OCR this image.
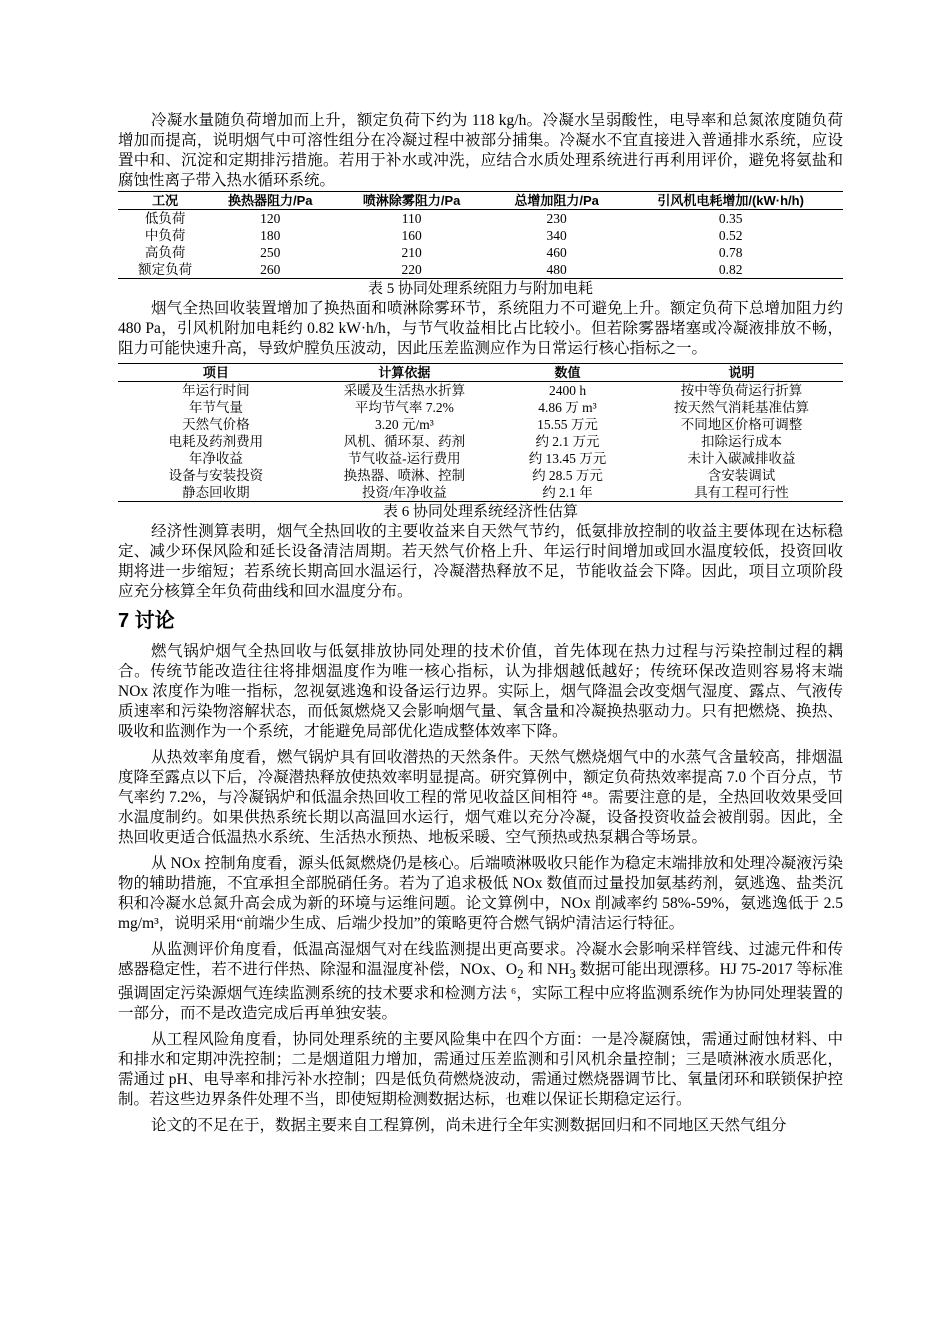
冷凝水量随负荷增加而上升，额定负荷下约为 118 kg/h。冷凝水呈弱酸性，电导率和总氮浓度随负荷增加而提高，说明烟气中可溶性组分在冷凝过程中被部分捕集。冷凝水不宜直接进入普通排水系统，应设置中和、沉淀和定期排污措施。若用于补水或冲洗，应结合水质处理系统进行再利用评价，避免将氨盐和腐蚀性离子带入热水循环系统。

工况	换热器阻力/Pa	喷淋除雾阻力/Pa	总增加阻力/Pa	引风机电耗增加/(kW·h/h)
低负荷	120	110	230	0.35
中负荷	180	160	340	0.52
高负荷	250	210	460	0.78
额定负荷	260	220	480	0.82

表 5 协同处理系统阻力与附加电耗

烟气全热回收装置增加了换热面和喷淋除雾环节，系统阻力不可避免上升。额定负荷下总增加阻力约 480 Pa，引风机附加电耗约 0.82 kW·h/h，与节气收益相比占比较小。但若除雾器堵塞或冷凝液排放不畅，阻力可能快速升高，导致炉膛负压波动，因此压差监测应作为日常运行核心指标之一。

项目	计算依据	数值	说明
年运行时间	采暖及生活热水折算	2400 h	按中等负荷运行折算
年节气量	平均节气率 7.2%	4.86 万 m³	按天然气消耗基准估算
天然气价格	3.20 元/m³	15.55 万元	不同地区价格可调整
电耗及药剂费用	风机、循环泵、药剂	约 2.1 万元	扣除运行成本
年净收益	节气收益-运行费用	约 13.45 万元	未计入碳减排收益
设备与安装投资	换热器、喷淋、控制	约 28.5 万元	含安装调试
静态回收期	投资/年净收益	约 2.1 年	具有工程可行性

表 6 协同处理系统经济性估算

经济性测算表明，烟气全热回收的主要收益来自天然气节约，低氨排放控制的收益主要体现在达标稳定、减少环保风险和延长设备清洁周期。若天然气价格上升、年运行时间增加或回水温度较低，投资回收期将进一步缩短；若系统长期高回水温运行，冷凝潜热释放不足，节能收益会下降。因此，项目立项阶段应充分核算全年负荷曲线和回水温度分布。

7 讨论

燃气锅炉烟气全热回收与低氨排放协同处理的技术价值，首先体现在热力过程与污染控制过程的耦合。传统节能改造往往将排烟温度作为唯一核心指标，认为排烟越低越好；传统环保改造则容易将末端 NOx 浓度作为唯一指标，忽视氨逃逸和设备运行边界。实际上，烟气降温会改变烟气湿度、露点、气液传质速率和污染物溶解状态，而低氮燃烧又会影响烟气量、氧含量和冷凝换热驱动力。只有把燃烧、换热、吸收和监测作为一个系统，才能避免局部优化造成整体效率下降。

从热效率角度看，燃气锅炉具有回收潜热的天然条件。天然气燃烧烟气中的水蒸气含量较高，排烟温度降至露点以下后，冷凝潜热释放使热效率明显提高。研究算例中，额定负荷热效率提高 7.0 个百分点，节气率约 7.2%，与冷凝锅炉和低温余热回收工程的常见收益区间相符 ⁴⁸。需要注意的是，全热回收效果受回水温度制约。如果供热系统长期以高温回水运行，烟气难以充分冷凝，设备投资收益会被削弱。因此，全热回收更适合低温热水系统、生活热水预热、地板采暖、空气预热或热泵耦合等场景。

从 NOx 控制角度看，源头低氮燃烧仍是核心。后端喷淋吸收只能作为稳定末端排放和处理冷凝液污染物的辅助措施，不宜承担全部脱硝任务。若为了追求极低 NOx 数值而过量投加氨基药剂，氨逃逸、盐类沉积和冷凝水总氮升高会成为新的环境与运维问题。论文算例中，NOx 削减率约 58%-59%，氨逃逸低于 2.5 mg/m³，说明采用“前端少生成、后端少投加”的策略更符合燃气锅炉清洁运行特征。

从监测评价角度看，低温高湿烟气对在线监测提出更高要求。冷凝水会影响采样管线、过滤元件和传感器稳定性，若不进行伴热、除湿和温湿度补偿，NOx、$O_2$ 和 $NH_3$ 数据可能出现漂移。HJ 75-2017 等标准强调固定污染源烟气连续监测系统的技术要求和检测方法 ⁶，实际工程中应将监测系统作为协同处理装置的一部分，而不是改造完成后再单独安装。

从工程风险角度看，协同处理系统的主要风险集中在四个方面：一是冷凝腐蚀，需通过耐蚀材料、中和排水和定期冲洗控制；二是烟道阻力增加，需通过压差监测和引风机余量控制；三是喷淋液水质恶化，需通过 pH、电导率和排污补水控制；四是低负荷燃烧波动，需通过燃烧器调节比、氧量闭环和联锁保护控制。若这些边界条件处理不当，即使短期检测数据达标，也难以保证长期稳定运行。

论文的不足在于，数据主要来自工程算例，尚未进行全年实测数据回归和不同地区天然气组分
